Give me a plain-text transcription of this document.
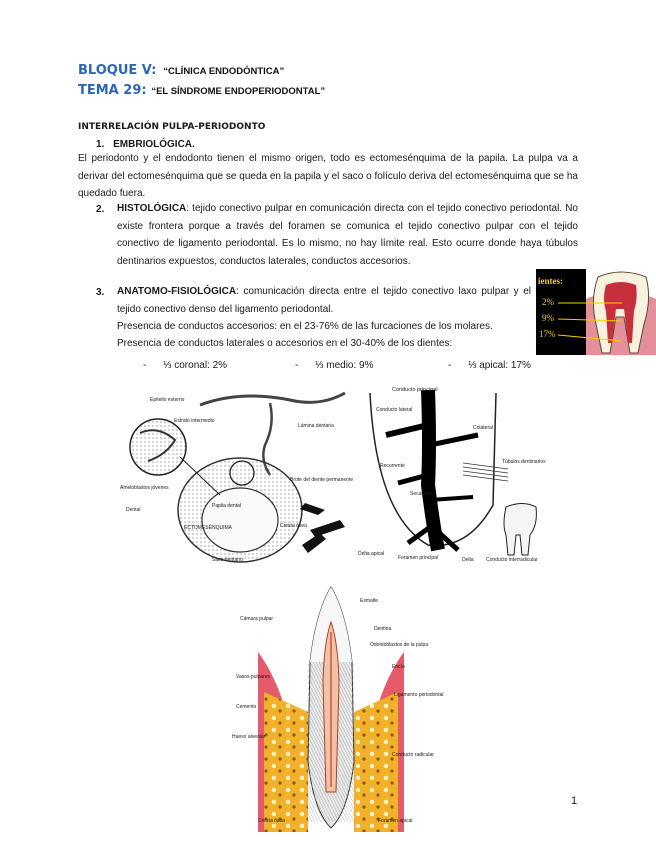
BLOQUE V: “CLÍNICA ENDODÓNTICA”
TEMA 29: “EL SÍNDROME ENDOPERIODONTAL”
INTERRELACIÓN PULPA-PERIODONTO
1. EMBRIOLÓGICA.
El periodonto y el endodonto tienen el mismo origen, todo es ectomesénquima de la papila. La pulpa va a derivar del ectomesénquima que se queda en la papila y el saco o folículo deriva del ectomesénquima que se ha quedado fuera.
2. HISTOLÓGICA: tejido conectivo pulpar en comunicación directa con el tejido conectivo periodontal. No existe frontera porque a través del foramen se comunica el tejido conectivo pulpar con el tejido conectivo de ligamento periodontal. Es lo mismo, no hay límite real. Esto ocurre donde haya túbulos dentinarios expuestos, conductos laterales, conductos accesorios.
3. ANATOMO-FISIOLÓGICA: comunicación directa entre el tejido conectivo laxo pulpar y el tejido conectivo denso del ligamento periodontal.
Presencia de conductos accesorios: en el 23-76% de las furcaciones de los molares.
Presencia de conductos laterales o accesorios en el 30-40% de los dientes:
- ⅓ coronal: 2%	- ⅓ medio: 9%	- ⅓ apical: 17%
ientes:
2%
9%
17%
Epitelio externo
Estrato intermedio
Ameloblastos jóvenes
Papila dental
Saco dentario
Lámina dentaria
Brote del diente permanente
ECTOMESÉNQUIMA	Cresta ósea
Dental
Conducto principal
Conducto lateral
Colateral
Recurrente
Secundario
Túbulos dentinarios
Delta apical
Foramen principal	Conducto interradicular
Delta
Esmalte
Dentina
Cámara pulpar
Odontoblastos de la pulpa
Vasos pulpares
Encía
Cemento
Ligamento periodontal
Hueso alveolar
Conducto radicular
Cresta ósea	Foramen apical
1
